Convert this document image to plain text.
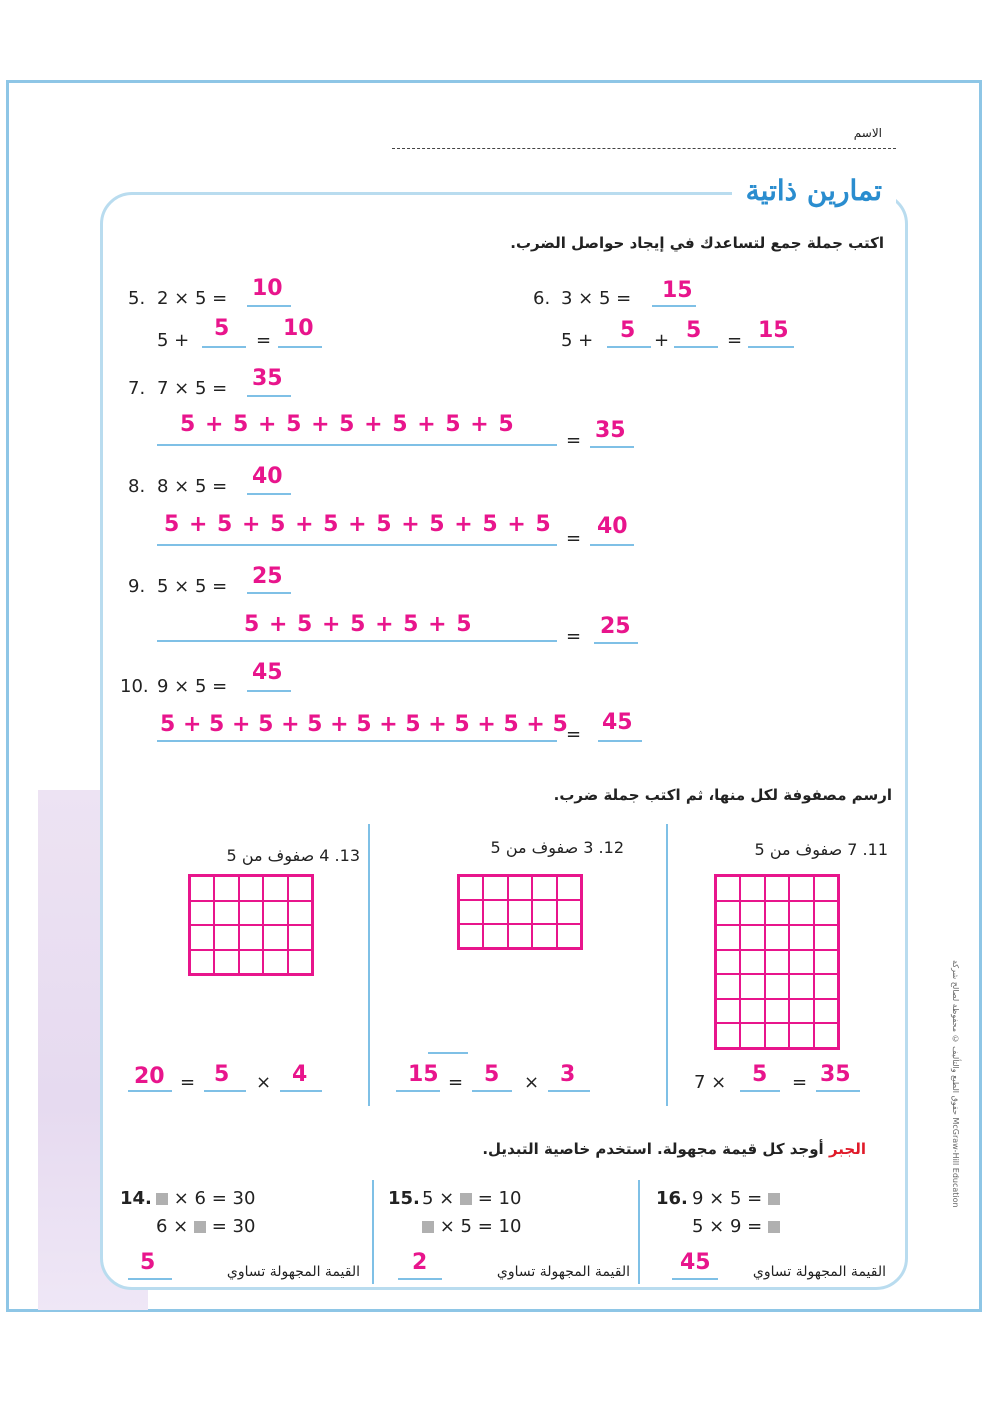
الاسم
تمارين ذاتية
اكتب جملة جمع لتساعدك في إيجاد حواصل الضرب.
5. 2 × 5 = 10
5 + 5 = 10
6. 3 × 5 = 15
5 + 5 + 5 = 15
7. 7 × 5 = 35
5 + 5 + 5 + 5 + 5 + 5 + 5
= 35
8. 8 × 5 = 40
5 + 5 + 5 + 5 + 5 + 5 + 5 + 5
= 40
9. 5 × 5 = 25
5 + 5 + 5 + 5 + 5	= 25
10. 9 × 5 =
45
5 + 5 + 5 + 5 + 5 + 5 + 5 + 5 + 5
= 45
ارسم مصفوفة لكل منها، ثم اكتب جملة ضرب.
11. 7 صفوف من 5
7 × 5 = 35
12. 3 صفوف من 5
15 = 5 × 3
13. 4 صفوف من 5
20 = 5 × 4
الجبر أوجد كل قيمة مجهولة. استخدم خاصية التبديل.
14.	× 6 = 30
6 × = 30
القيمة المجهولة تساوي
5
15. 5 × = 10
× 5 = 10
القيمة المجهولة تساوي
2
16. 9 × 5 =
5 × 9 =
القيمة المجهولة تساوي
45
حقوق الطبع والتأليف © محفوظة لصالح شركة McGraw-Hill Education
